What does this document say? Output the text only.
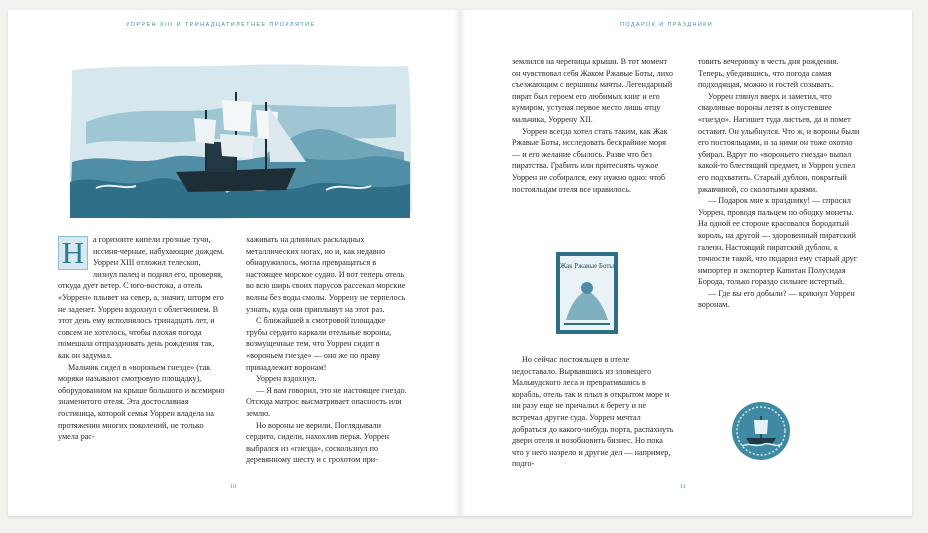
УОРРЕН XIII И ТРИНАДЦАТИЛЕТНЕЕ ПРОКЛЯТИЕ
Н	а горизонте кипели грозные тучи, иссиня-черные, набухающие дождем. Уоррен XIII отложил телескоп, лизнул палец и поднял его, проверяя, откуда дует ветер. С юго-востока, а отель «Уоррен» плывет на север, а, значит, шторм его не заденет. Уоррен вздохнул с облегчением. В этот день ему исполнялось тринадцать лет, и совсем не хотелось, чтобы плохая погода помешала отпраздновать день рождения так, как он задумал.

Мальчик сидел в «вороньем гнезде» (так моряки называют смотровую площадку), оборудованном на крыше большого и всемирно знаменитого отеля. Эта достославная гостиница, которой семья Уоррен владела на протяжении многих поколений, не только умела рас-

хаживать на длинных раскладных металлических ногах, но и, как недавно обнаружилось, могла превращаться в настоящее морское судно. И вот теперь отель во всю ширь своих парусов рассекал морские волны без воды смолы. Уоррену не терпелось узнать, куда они приплывут на этот раз.

С ближайшей к смотровой площадке трубы сердито каркали отельные вороны, возмущенные тем, что Уоррен сидит в «вороньем гнезде» — оно же по праву принадлежит воронам!

Уоррен вздохнул.

— Я вам говорил, это не настоящее гнездо. Отсюда матрос высматривает опасность или землю.

Но вороны не верили. Поглядывали сердито, сидели, нахохлив перья. Уоррен выбрался из «гнезда», соскользнул по деревянному шесту и с грохотом при-

10
ПОДАРОК И ПРАЗДНИКИ

землился на черепицы крыши. В тот момент он чувствовал себя Жаком Ржавые Боты, лихо съезжающим с вершины мачты. Легендарный пират был героем его любимых книг и его кумиром, уступая первое место лишь отцу мальчика, Уоррену XII.

Уоррен всегда хотел стать таким, как Жак Ржавые Боты, исследовать бескрайние моря — и его желание сбылось. Разве что без пиратства. Грабить или притеснять чужое Уоррен не собирался, ему нужно одно: чтоб постояльцам отеля все нравилось.

Жак Ржавые Боты

Но сейчас постояльцев в отеле недоставало. Вырвавшись из зловещего Мальвудского леса и превратившись в корабль, отель так и плыл в открытом море и ни разу еще не причалил к берегу и не встречал другие суда. Уоррен мечтал добраться до какого-нибудь порта, распахнуть двери отеля и возобновить бизнес. Но пока что у него назрело и другие дел — например, подго-

товить вечеринку в честь дня рождения. Теперь, убедившись, что погода самая подходящая, можно и гостей созывать.

Уоррен глянул вверх и заметил, что сварливые вороны летят в опустевшее «гнездо». Нагишет туда листьев, да и помет оставит. Он улыбнулся. Что ж, и вороны были его постояльцами, и за ними он тоже охотно убирал. Вдруг по «вороньего гнезда» выпал какой-то блестящий предмет, и Уоррен успел его подхватить. Старый дублон, покрытый ржавчиной, со сколотыми краями.

— Подарок мне к празднику! — спросил Уоррен, проводя пальцем по ободку монеты. На одной ее стороне красовался бородатый король, на другой — здоровенный пиратский галеон. Настоящий пиратский дублон, к точности такой, что подарил ему старый друг импортер и экспортер Капитан Полусидая Борода, только гораздо сильнее истертый.

— Где вы его добыли? — крикнул Уоррен воронам.

11
